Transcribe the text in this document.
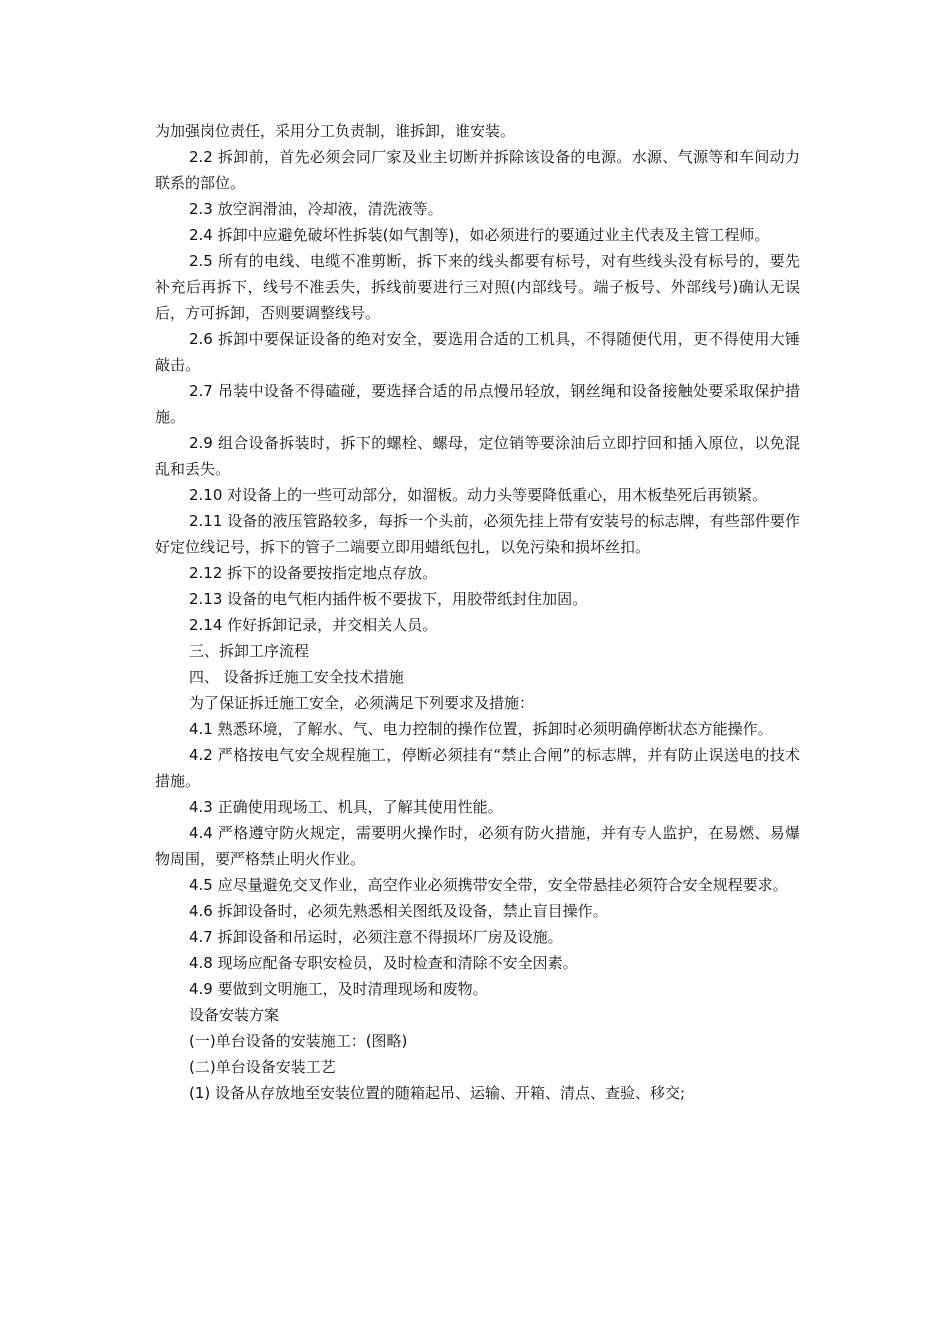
为加强岗位责任，采用分工负责制，谁拆卸，谁安装。

2.2 拆卸前，首先必须会同厂家及业主切断并拆除该设备的电源。水源、气源等和车间动力联系的部位。

2.3 放空润滑油，冷却液，清洗液等。

2.4 拆卸中应避免破坏性拆装(如气割等)，如必须进行的要通过业主代表及主管工程师。

2.5 所有的电线、电缆不准剪断，拆下来的线头都要有标号，对有些线头没有标号的，要先补充后再拆下，线号不准丢失，拆线前要进行三对照(内部线号。端子板号、外部线号)确认无误后，方可拆卸，否则要调整线号。

2.6 拆卸中要保证设备的绝对安全，要选用合适的工机具，不得随便代用，更不得使用大锤敲击。

2.7 吊装中设备不得磕碰，要选择合适的吊点慢吊轻放，钢丝绳和设备接触处要采取保护措施。

2.9 组合设备拆装时，拆下的螺栓、螺母，定位销等要涂油后立即拧回和插入原位，以免混乱和丢失。

2.10 对设备上的一些可动部分，如溜板。动力头等要降低重心，用木板垫死后再锁紧。

2.11 设备的液压管路较多，每拆一个头前，必须先挂上带有安装号的标志牌，有些部件要作好定位线记号，拆下的管子二端要立即用蜡纸包扎，以免污染和损坏丝扣。

2.12 拆下的设备要按指定地点存放。

2.13 设备的电气柜内插件板不要拔下，用胶带纸封住加固。

2.14 作好拆卸记录，并交相关人员。

三、拆卸工序流程

四、 设备拆迁施工安全技术措施

为了保证拆迁施工安全，必须满足下列要求及措施：

4.1 熟悉环境，了解水、气、电力控制的操作位置，拆卸时必须明确停断状态方能操作。

4.2 严格按电气安全规程施工，停断必须挂有“禁止合闸”的标志牌，并有防止误送电的技术措施。

4.3 正确使用现场工、机具，了解其使用性能。

4.4 严格遵守防火规定，需要明火操作时，必须有防火措施，并有专人监护，在易燃、易爆物周围，要严格禁止明火作业。

4.5 应尽量避免交叉作业，高空作业必须携带安全带，安全带悬挂必须符合安全规程要求。

4.6 拆卸设备时，必须先熟悉相关图纸及设备，禁止盲目操作。

4.7 拆卸设备和吊运时，必须注意不得损坏厂房及设施。

4.8 现场应配备专职安检员，及时检查和清除不安全因素。

4.9 要做到文明施工，及时清理现场和废物。

设备安装方案

(一)单台设备的安装施工：(图略)

(二)单台设备安装工艺

(1) 设备从存放地至安装位置的随箱起吊、运输、开箱、清点、查验、移交;
